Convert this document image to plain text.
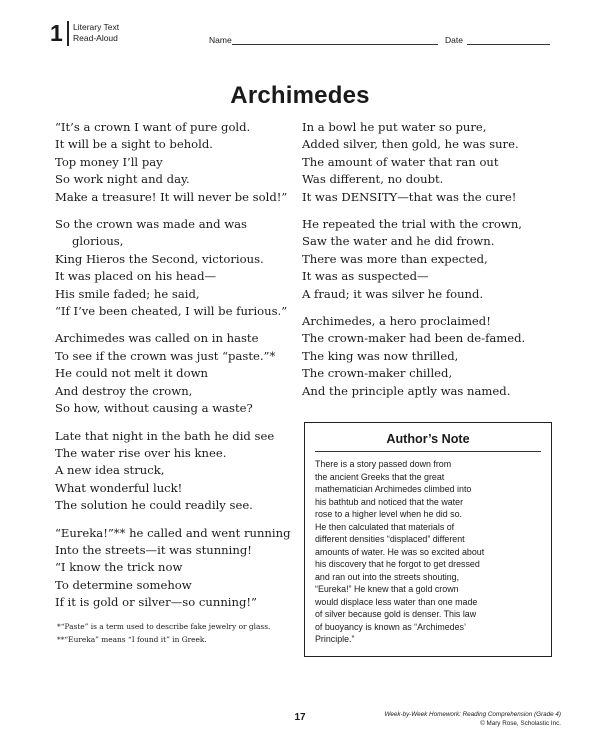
1 Literary Text
Read-Aloud	Name	Date
Archimedes
“It’s a crown I want of pure gold.
It will be a sight to behold.
Top money I’ll pay
So work night and day.
Make a treasure! It will never be sold!”
So the crown was made and was
glorious,
King Hieros the Second, victorious.
It was placed on his head—
His smile faded; he said,
“If I’ve been cheated, I will be furious.”
Archimedes was called on in haste
To see if the crown was just “paste.”*
He could not melt it down
And destroy the crown,
So how, without causing a waste?
Late that night in the bath he did see
The water rise over his knee.
A new idea struck,
What wonderful luck!
The solution he could readily see.
“Eureka!”** he called and went running
Into the streets—it was stunning!
“I know the trick now
To determine somehow
If it is gold or silver—so cunning!”
In a bowl he put water so pure,
Added silver, then gold, he was sure.
The amount of water that ran out
Was different, no doubt.
It was DENSITY—that was the cure!
He repeated the trial with the crown,
Saw the water and he did frown.
There was more than expected,
It was as suspected—
A fraud; it was silver he found.
Archimedes, a hero proclaimed!
The crown-maker had been de-famed.
The king was now thrilled,
The crown-maker chilled,
And the principle aptly was named.
*“Paste” is a term used to describe fake jewelry or glass.
**“Eureka” means “I found it” in Greek.
Author’s Note
There is a story passed down from
the ancient Greeks that the great
mathematician Archimedes climbed into
his bathtub and noticed that the water
rose to a higher level when he did so.
He then calculated that materials of
different densities “displaced” different
amounts of water. He was so excited about
his discovery that he forgot to get dressed
and ran out into the streets shouting,
“Eureka!” He knew that a gold crown
would displace less water than one made
of silver because gold is denser. This law
of buoyancy is known as “Archimedes’
Principle.”
17	Week-by-Week Homework: Reading Comprehension (Grade 4)
© Mary Rose, Scholastic Inc.
